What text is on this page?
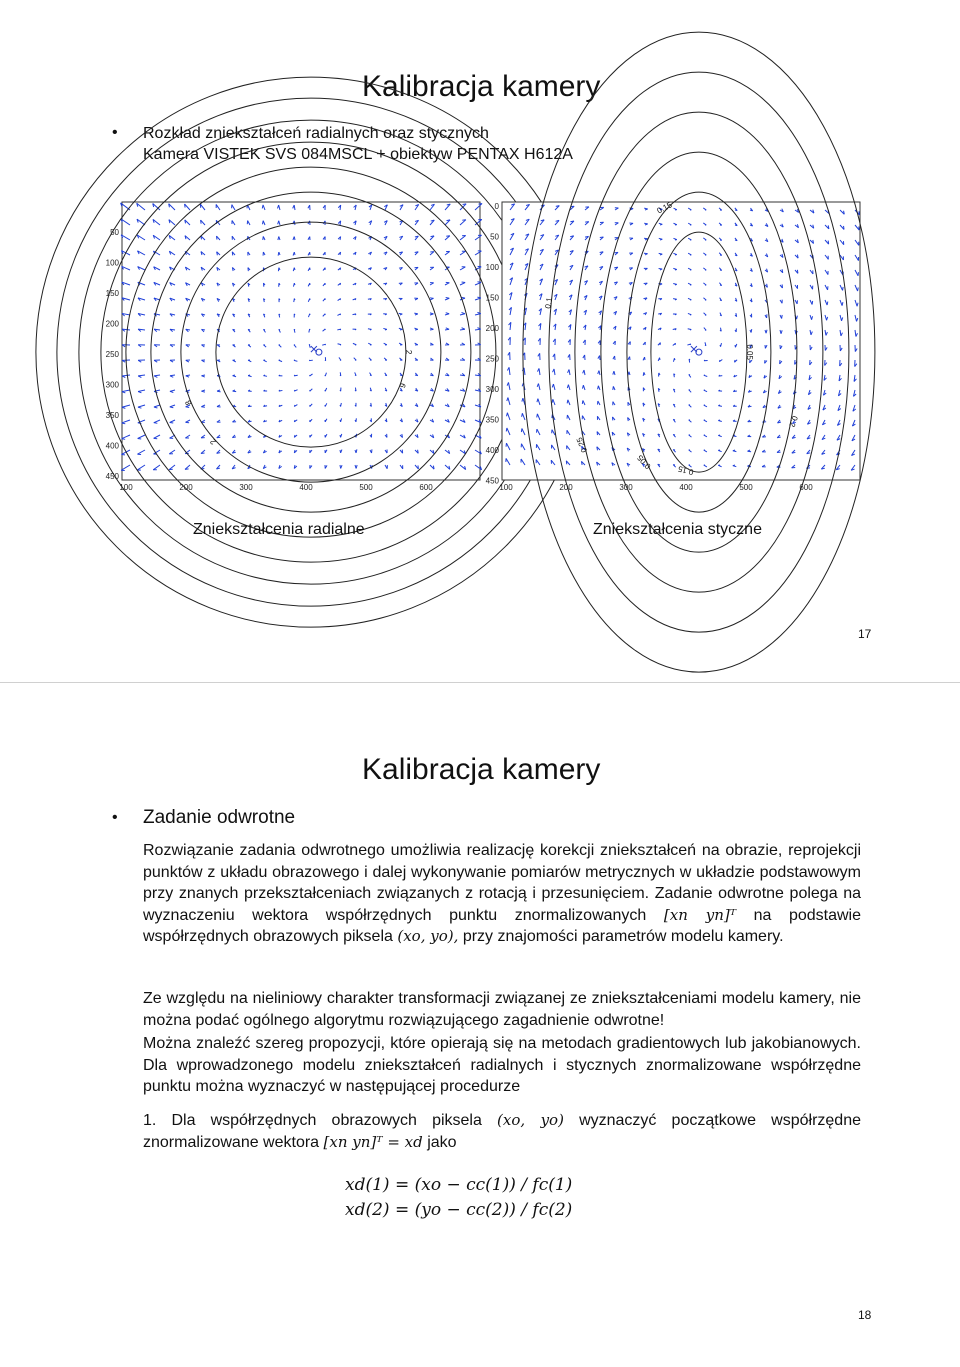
Kalibracja kamery
• Rozkład zniekształceń radialnych oraz stycznych
Kamera VISTEK SVS 084MSCL + obiektyw PENTAX H612A
50
100
150
200
250
300
350
400
450
100	200	300	400	500	600
2
2
6
8
0
50
100
150
200
250
300
350
400
450
100	200	300	400	500	600
0.05
0.05
0.1
0.15
0.15
0.2
0.25
Zniekształcenia radialne	Zniekształcenia styczne
17
Kalibracja kamery
• Zadanie odwrotne

Rozwiązanie zadania odwrotnego umożliwia realizację korekcji zniekształceń na obrazie, reprojekcji punktów z układu obrazowego i dalej wykonywanie pomiarów metrycznych w układzie podstawowym przy znanych przekształceniach związanych z rotacją i przesunięciem. Zadanie odwrotne polega na wyznaczeniu wektora współrzędnych punktu znormalizowanych [xn yn]ᵀ na podstawie współrzędnych obrazowych piksela (xo, yo), przy znajomości parametrów modelu kamery.

Ze względu na nieliniowy charakter transformacji związanej ze zniekształceniami modelu kamery, nie można podać ogólnego algorytmu rozwiązującego zagadnienie odwrotne!

Można znaleźć szereg propozycji, które opierają się na metodach gradientowych lub jakobianowych. Dla wprowadzonego modelu zniekształceń radialnych i stycznych znormalizowane współrzędne punktu można wyznaczyć w następującej procedurze

1. Dla współrzędnych obrazowych piksela (xo, yo) wyznaczyć początkowe współrzędne znormalizowane wektora [xn yn]ᵀ = xd jako

xd(1) = (xo − cc(1)) / fc(1)
xd(2) = (yo − cc(2)) / fc(2)
18
